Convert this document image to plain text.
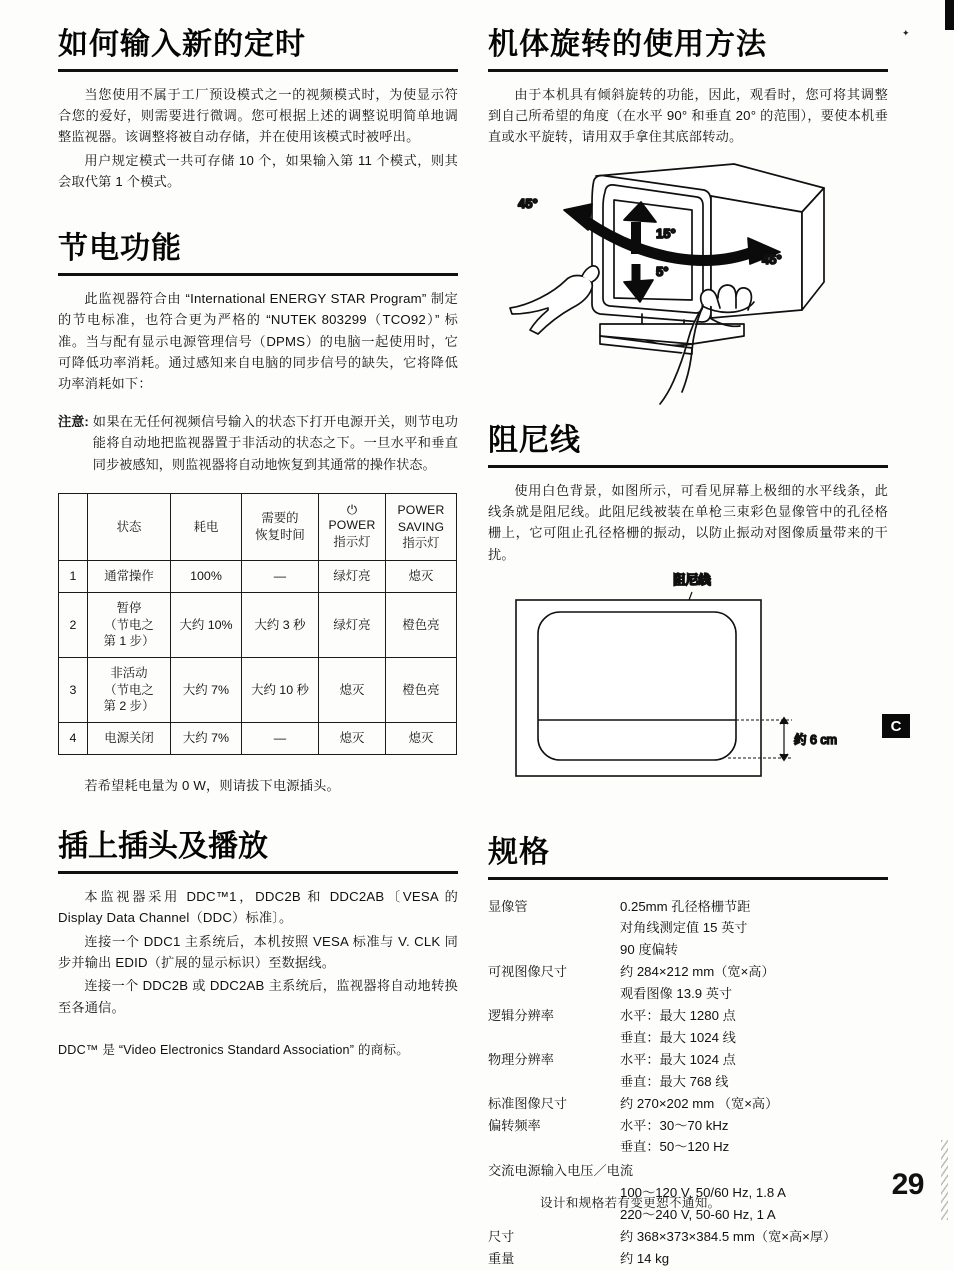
✦
如何输入新的定时

当您使用不属于工厂预设模式之一的视频模式时，为使显示符合您的爱好，则需要进行微调。您可根据上述的调整说明简单地调整监视器。该调整将被自动存储，并在使用该模式时被呼出。

用户规定模式一共可存储 10 个，如果输入第 11 个模式，则其会取代第 1 个模式。

节电功能

此监视器符合由 “International ENERGY STAR Program” 制定的节电标准，也符合更为严格的 “NUTEK 803299（TCO92）” 标准。当与配有显示电源管理信号（DPMS）的电脑一起使用时，它可降低功率消耗。通过感知来自电脑的同步信号的缺失，它将降低功率消耗如下：

注意: 如果在无任何视频信号输入的状态下打开电源开关，则节电功能将自动地把监视器置于非活动的状态之下。一旦水平和垂直同步被感知，则监视器将自动地恢复到其通常的操作状态。
	状态	耗电	需要的
恢复时间	⏻
POWER
指示灯	POWER
SAVING
指示灯
1	通常操作	100%	—	绿灯亮	熄灭
2	暂停
（节电之
第 1 步）	大约 10%	大约 3 秒	绿灯亮	橙色亮
3	非活动
（节电之
第 2 步）	大约 7%	大约 10 秒	熄灭	橙色亮
4	电源关闭	大约 7%	—	熄灭	熄灭

若希望耗电量为 0 W，则请拔下电源插头。

插上插头及播放

本监视器采用 DDC™1，DDC2B 和 DDC2AB〔VESA 的 Display Data Channel（DDC）标准〕。

连接一个 DDC1 主系统后，本机按照 VESA 标准与 V. CLK 同步并输出 EDID（扩展的显示标识）至数据线。

连接一个 DDC2B 或 DDC2AB 主系统后，监视器将自动地转换至各通信。

DDC™ 是 “Video Electronics Standard Association” 的商标。

机体旋转的使用方法

由于本机具有倾斜旋转的功能，因此，观看时，您可将其调整到自己所希望的角度（在水平 90° 和垂直 20° 的范围），要使本机垂直或水平旋转，请用双手拿住其底部转动。

45°
15°
5°
45°
阻尼线

使用白色背景，如图所示，可看见屏幕上极细的水平线条，此线条就是阻尼线。此阻尼线被装在单枪三束彩色显像管中的孔径格栅上，它可阻止孔径格栅的振动，以防止振动对图像质量带来的干扰。

阻尼线
约 6 cm
规格
显像管	0.25mm 孔径格栅节距
对角线测定值 15 英寸
90 度偏转
可视图像尺寸	约 284×212 mm（宽×高）
观看图像 13.9 英寸
逻辑分辨率	水平：最大 1280 点
垂直：最大 1024 线
物理分辨率	水平：最大 1024 点
垂直：最大 768 线
标准图像尺寸	约 270×202 mm （宽×高）
偏转频率	水平：30～70 kHz
垂直：50～120 Hz
交流电源输入电压／电流
100～120 V, 50/60 Hz, 1.8 A
220～240 V, 50-60 Hz, 1 A
尺寸	约 368×373×384.5 mm（宽×高×厚）
重量	约 14 kg
C
设计和规格若有变更恕不通知。
29
